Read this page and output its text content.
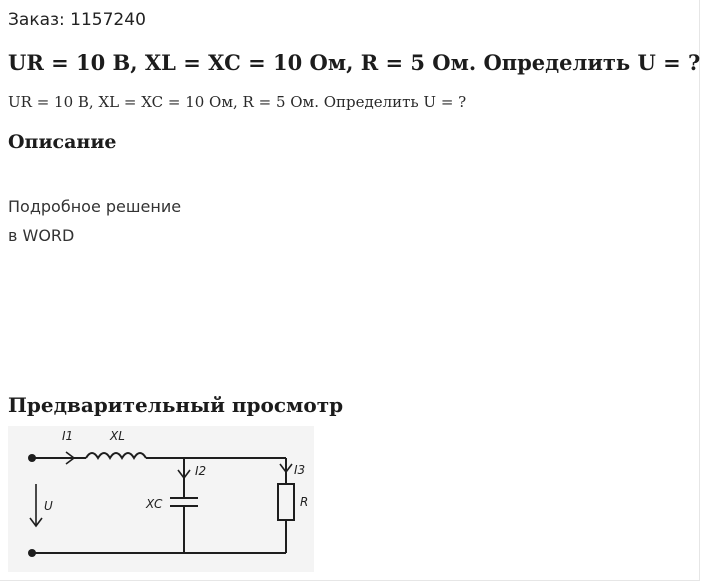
Заказ: 1157240
UR = 10 В, XL = XC = 10 Ом, R = 5 Ом. Определить U = ?
UR = 10 В, XL = XC = 10 Ом, R = 5 Ом. Определить U = ?
Описание
Подробное решение
в WORD
Предварительный просмотр
I1	XL
I2
XC
I3
R
U
